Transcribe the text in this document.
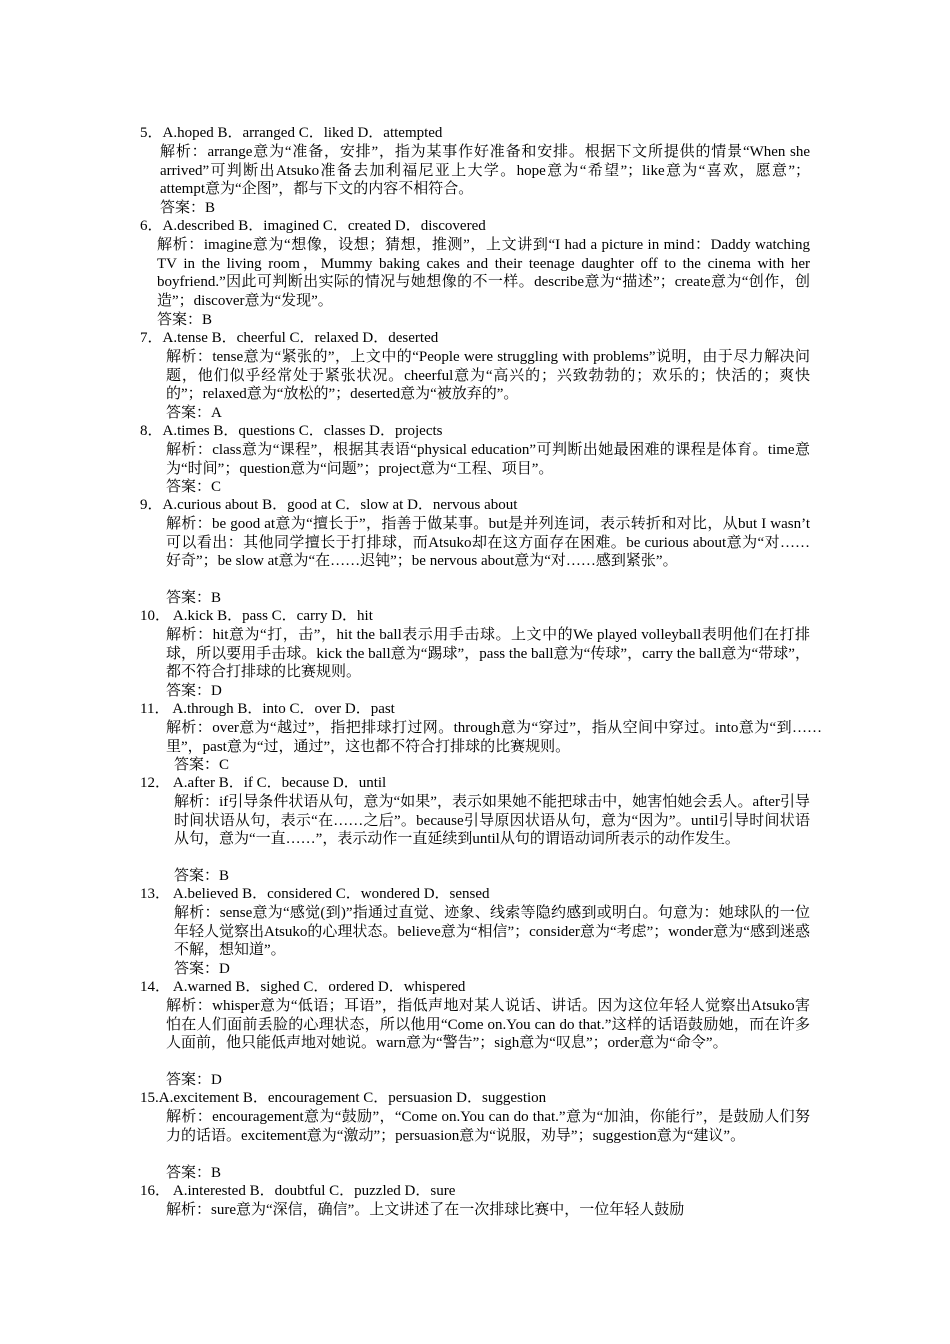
5．A.hoped B．arranged C．liked D．attempted
解析：arrange意为“准备，安排”，指为某事作好准备和安排。根据下文所提供的情景“When she arrived”可判断出Atsuko准备去加利福尼亚上大学。hope意为“希望”；like意为“喜欢，愿意”；attempt意为“企图”，都与下文的内容不相符合。
答案：B
6．A.described B．imagined C．created D．discovered
解析：imagine意为“想像，设想；猜想，推测”，上文讲到“I had a picture in mind：Daddy watching TV in the living room，Mummy baking cakes and their teenage daughter off to the cinema with her boyfriend.”因此可判断出实际的情况与她想像的不一样。describe意为“描述”；create意为“创作，创造”；discover意为“发现”。
答案：B
7．A.tense B．cheerful C．relaxed D．deserted
解析：tense意为“紧张的”，上文中的“People were struggling with problems”说明，由于尽力解决问题，他们似乎经常处于紧张状况。cheerful意为“高兴的；兴致勃勃的；欢乐的；快活的；爽快的”；relaxed意为“放松的”；deserted意为“被放弃的”。
答案：A
8．A.times B．questions C．classes D．projects
解析：class意为“课程”，根据其表语“physical education”可判断出她最困难的课程是体育。time意为“时间”；question意为“问题”；project意为“工程、项目”。
答案：C
9．A.curious about B．good at C．slow at D．nervous about
解析：be good at意为“擅长于”，指善于做某事。but是并列连词，表示转折和对比，从but I wasn’t可以看出：其他同学擅长于打排球，而Atsuko却在这方面存在困难。be curious about意为“对……好奇”；be slow at意为“在……迟钝”；be nervous about意为“对……感到紧张”。
答案：B
10． A.kick B．pass C．carry D．hit
解析：hit意为“打，击”，hit the ball表示用手击球。上文中的We played volleyball表明他们在打排球，所以要用手击球。kick the ball意为“踢球”，pass the ball意为“传球”，carry the ball意为“带球”，都不符合打排球的比赛规则。
答案：D
11． A.through B．into C．over D．past
解析：over意为“越过”，指把排球打过网。through意为“穿过”，指从空间中穿过。into意为“到……里”，past意为“过，通过”，这也都不符合打排球的比赛规则。
答案：C
12． A.after B．if C．because D．until
解析：if引导条件状语从句，意为“如果”，表示如果她不能把球击中，她害怕她会丢人。after引导时间状语从句，表示“在……之后”。because引导原因状语从句，意为“因为”。until引导时间状语从句，意为“一直……”，表示动作一直延续到until从句的谓语动词所表示的动作发生。
答案：B
13． A.believed B．considered C．wondered D．sensed
解析：sense意为“感觉(到)”指通过直觉、迹象、线索等隐约感到或明白。句意为：她球队的一位年轻人觉察出Atsuko的心理状态。believe意为“相信”；consider意为“考虑”；wonder意为“感到迷惑不解，想知道”。
答案：D
14． A.warned B．sighed C．ordered D．whispered
解析：whisper意为“低语；耳语”，指低声地对某人说话、讲话。因为这位年轻人觉察出Atsuko害怕在人们面前丢脸的心理状态，所以他用“Come on.You can do that.”这样的话语鼓励她，而在许多人面前，他只能低声地对她说。warn意为“警告”；sigh意为“叹息”；order意为“命令”。
答案：D
15.A.excitement B．encouragement C．persuasion D．suggestion
解析：encouragement意为“鼓励”，“Come on.You can do that.”意为“加油，你能行”，是鼓励人们努力的话语。excitement意为“激动”；persuasion意为“说服，劝导”；suggestion意为“建议”。
答案：B
16． A.interested B．doubtful C．puzzled D．sure
解析：sure意为“深信，确信”。上文讲述了在一次排球比赛中，一位年轻人鼓励
